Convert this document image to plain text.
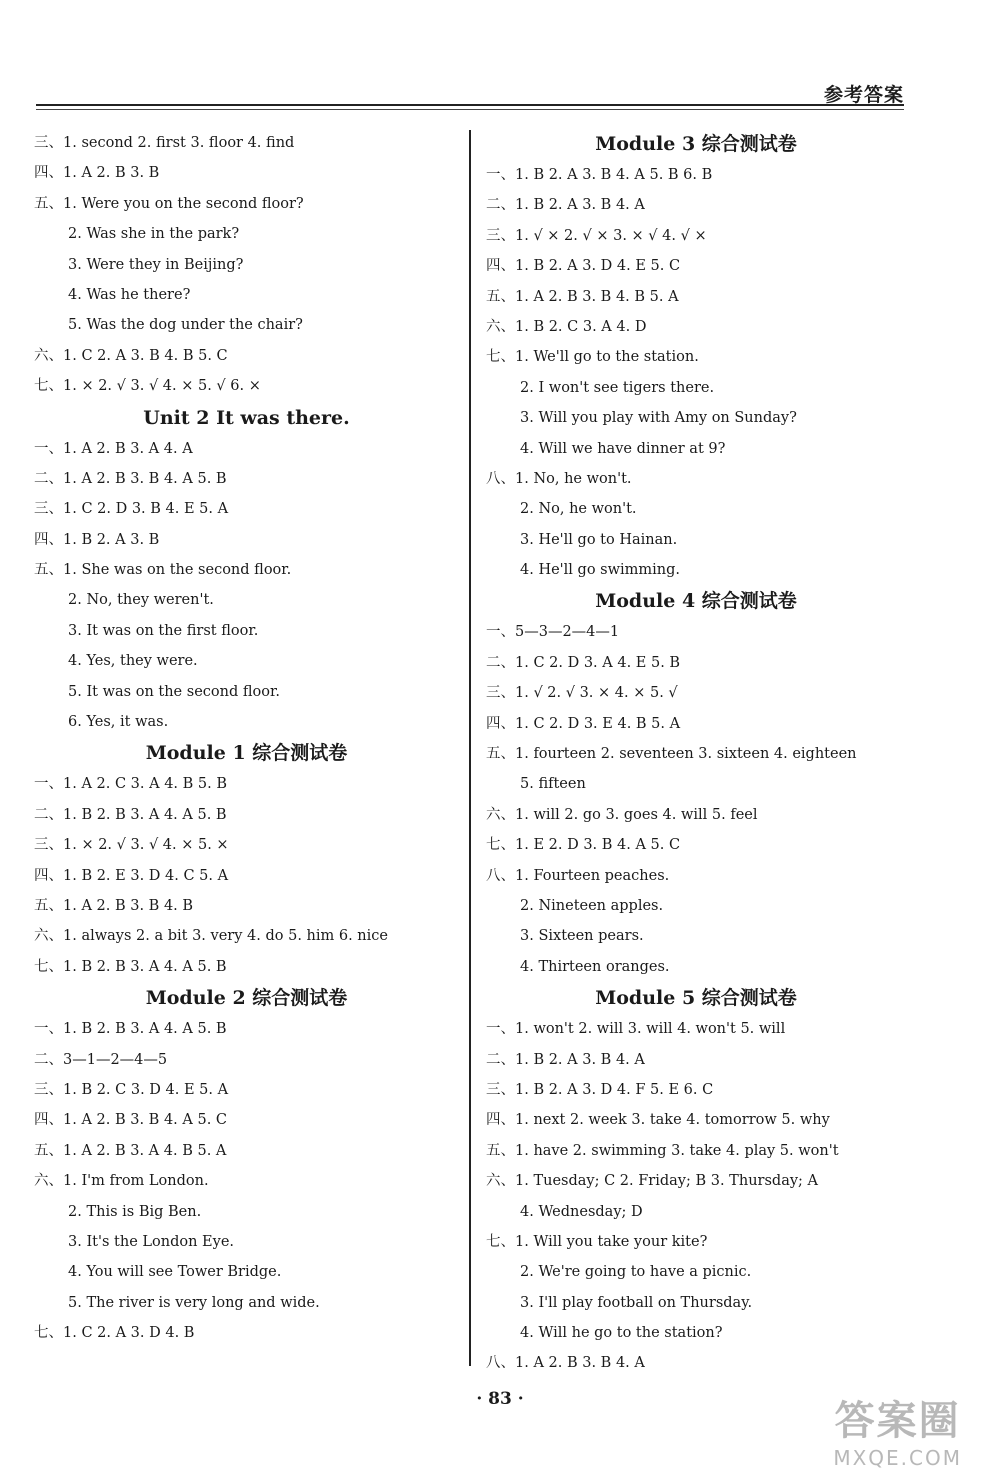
参考答案
三、1. second 2. first 3. floor 4. find
四、1. A 2. B 3. B
五、1. Were you on the second floor?
2. Was she in the park?
3. Were they in Beijing?
4. Was he there?
5. Was the dog under the chair?
六、1. C 2. A 3. B 4. B 5. C
七、1. × 2. √ 3. √ 4. × 5. √ 6. ×
Unit 2 It was there.
一、1. A 2. B 3. A 4. A
二、1. A 2. B 3. B 4. A 5. B
三、1. C 2. D 3. B 4. E 5. A
四、1. B 2. A 3. B
五、1. She was on the second floor.
2. No, they weren't.
3. It was on the first floor.
4. Yes, they were.
5. It was on the second floor.
6. Yes, it was.
Module 1 综合测试卷
一、1. A 2. C 3. A 4. B 5. B
二、1. B 2. B 3. A 4. A 5. B
三、1. × 2. √ 3. √ 4. × 5. ×
四、1. B 2. E 3. D 4. C 5. A
五、1. A 2. B 3. B 4. B
六、1. always 2. a bit 3. very 4. do 5. him 6. nice
七、1. B 2. B 3. A 4. A 5. B
Module 2 综合测试卷
一、1. B 2. B 3. A 4. A 5. B
二、3—1—2—4—5
三、1. B 2. C 3. D 4. E 5. A
四、1. A 2. B 3. B 4. A 5. C
五、1. A 2. B 3. A 4. B 5. A
六、1. I'm from London.
2. This is Big Ben.
3. It's the London Eye.
4. You will see Tower Bridge.
5. The river is very long and wide.
七、1. C 2. A 3. D 4. B
Module 3 综合测试卷
一、1. B 2. A 3. B 4. A 5. B 6. B
二、1. B 2. A 3. B 4. A
三、1. √ × 2. √ × 3. × √ 4. √ ×
四、1. B 2. A 3. D 4. E 5. C
五、1. A 2. B 3. B 4. B 5. A
六、1. B 2. C 3. A 4. D
七、1. We'll go to the station.
2. I won't see tigers there.
3. Will you play with Amy on Sunday?
4. Will we have dinner at 9?
八、1. No, he won't.
2. No, he won't.
3. He'll go to Hainan.
4. He'll go swimming.
Module 4 综合测试卷
一、5—3—2—4—1
二、1. C 2. D 3. A 4. E 5. B
三、1. √ 2. √ 3. × 4. × 5. √
四、1. C 2. D 3. E 4. B 5. A
五、1. fourteen 2. seventeen 3. sixteen 4. eighteen
5. fifteen
六、1. will 2. go 3. goes 4. will 5. feel
七、1. E 2. D 3. B 4. A 5. C
八、1. Fourteen peaches.
2. Nineteen apples.
3. Sixteen pears.
4. Thirteen oranges.
Module 5 综合测试卷
一、1. won't 2. will 3. will 4. won't 5. will
二、1. B 2. A 3. B 4. A
三、1. B 2. A 3. D 4. F 5. E 6. C
四、1. next 2. week 3. take 4. tomorrow 5. why
五、1. have 2. swimming 3. take 4. play 5. won't
六、1. Tuesday; C 2. Friday; B 3. Thursday; A
4. Wednesday; D
七、1. Will you take your kite?
2. We're going to have a picnic.
3. I'll play football on Thursday.
4. Will he go to the station?
八、1. A 2. B 3. B 4. A
· 83 ·	答案圈
MXQE.COM
